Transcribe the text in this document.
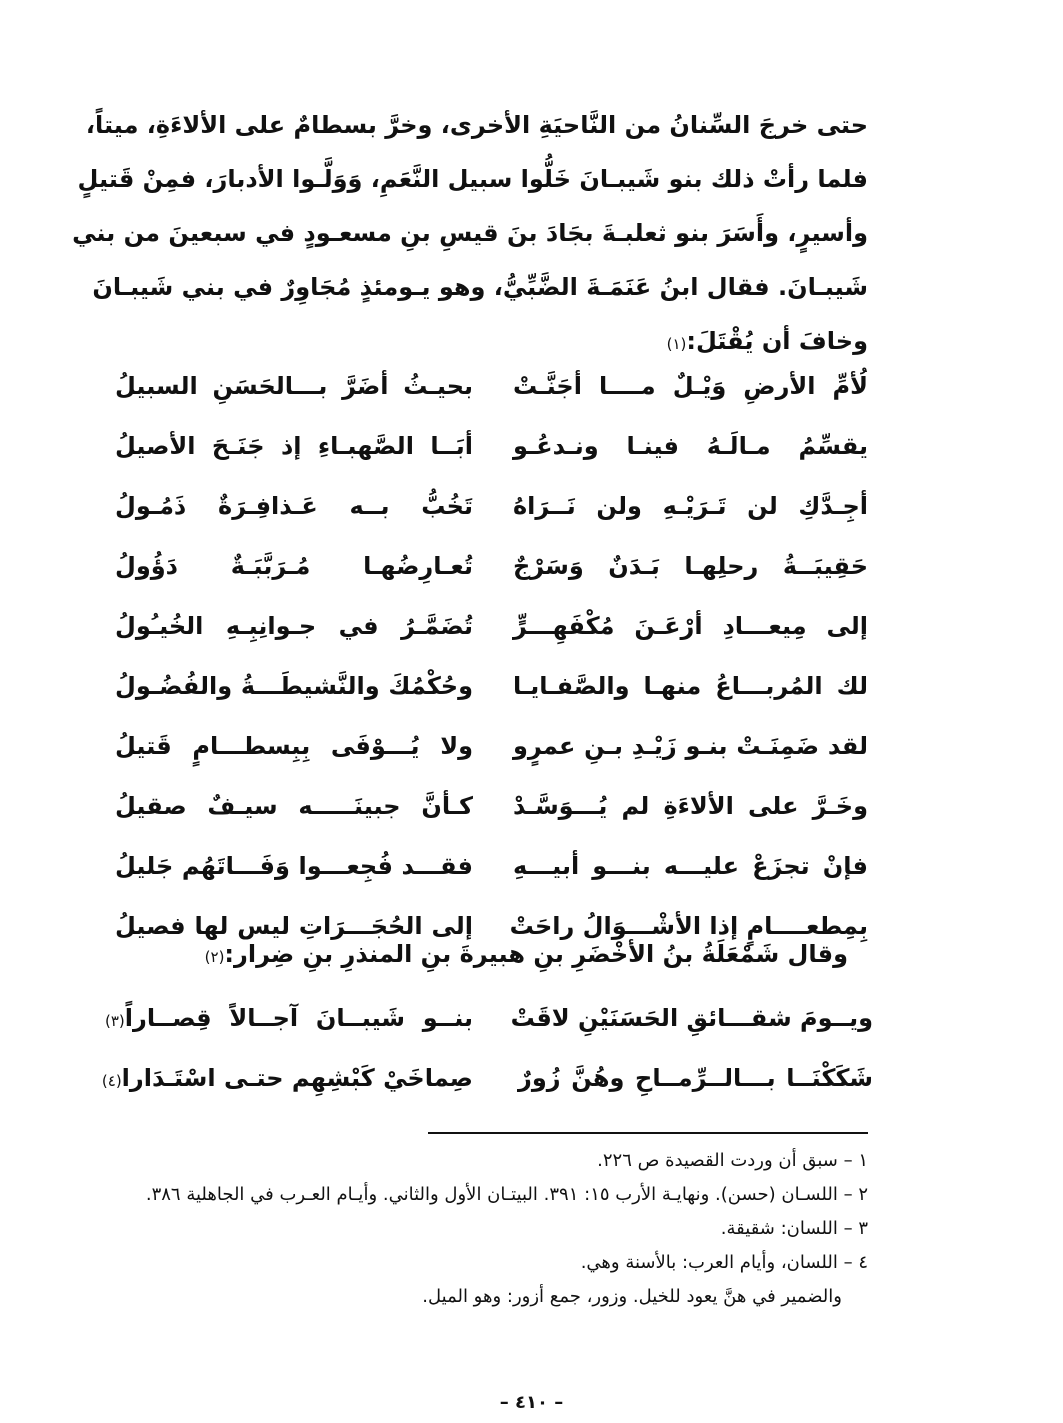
حتى خرجَ السِّنانُ من النَّاحيَةِ الأخرى، وخرَّ بسطامٌ على الألاءَةِ، ميتاً،
فلما رأتْ ذلك بنو شَيبـانَ خَلُّوا سبيل النَّعَمِ، وَوَلَّـوا الأدبارَ، فمِنْ قَتيلٍ
وأسيرٍ، وأَسَرَ بنو ثعلبـةَ بجَادَ بنَ قيسِ بنِ مسعـودٍ في سبعينَ من بني
شَيبـانَ. فقال ابنُ عَنَمَـةَ الضَّبِّيُّ، وهو يـومئذٍ مُجَاوِرٌ في بني شَيبـانَ
وخافَ أن يُقْتَلَ:(١)
لُأمِّ الأرضِ وَيْـلٌ مــــا أجَنَّـتْ
بحيـثُ أضَرَّ بـــالحَسَنِ السبيلُ
يقسِّمُ مـالَـهُ فينـا ونـدعُـو
أبَــا الصَّهبـاءِ إذ جَنَـحَ الأصيلُ
أجِـدَّكِ لن تَـرَيْـهِ ولن نَــرَاهُ
تَخُبُّ بــه عَـذافِـرَةٌ ذَمُـولُ
حَقِيبَــةُ رحلِهـا بَـدَنٌ وَسَرْجٌ
تُعـارِضُهـا مُـرَبَّبَـةٌ دَؤُولُ
إلى مِيعـــادِ أرْعَـنَ مُكْفَهِـــرٍّ
تُضَمَّـرُ في جـوانِبِـهِ الخُيـُولُ
لك المُربـــاعُ منهـا والصَّفـايـا
وحُكْمُكَ والنَّشيطَـــةُ والفُضُـولُ
لقد ضَمِنَـتْ بنـو زَيْـدِ بـنِ عمرٍو
ولا يُـــوْفَى بِبِسطـــامٍ قَتيلُ
وخَـرَّ على الألاءَةِ لم يُـــوَسَّـدْ
كـأنَّ جبينَـــــه سيـفٌ صقيلُ
فإنْ تجزَعْ عليـــه بنـــو أبيـــهِ
فقـــد فُجِعـــوا وَفَـــاتَهُم جَليلُ
بِمِطعــــامٍ إذا الأشْـــوَالُ راحَتْ
إلى الحُجَـــرَاتِ ليس لها فصيلُ
وقال شَمْعَلَةُ بنُ الأخْضَرِ بنِ هبيرةَ بنِ المنذرِ بنِ ضِرار:(٢)
ويــومَ شقـــائقِ الحَسَنَيْنِ لاقَتْ
بنــو شَيبــانَ آجــالاً قِصــاراً(٣)
شَكَكْنَــا بـــالــرِّمــاحِ وهُنَّ زُورٌ
صِماخَيْ كَبْشِهِم حتـى اسْتَـدَارا(٤)

١ – سبق أن وردت القصيدة ص ٢٢٦.

٢ – اللسـان (حسن). ونهايـة الأرب ١٥: ٣٩١. البيتـان الأول والثاني. وأيـام العـرب في الجاهلية ٣٨٦.

٣ – اللسان: شقيقة.

٤ – اللسان، وأيام العرب: بالأسنة وهي.

والضمير في هنَّ يعود للخيل. وزور، جمع أزور: وهو الميل.

– ٤١٠ –
